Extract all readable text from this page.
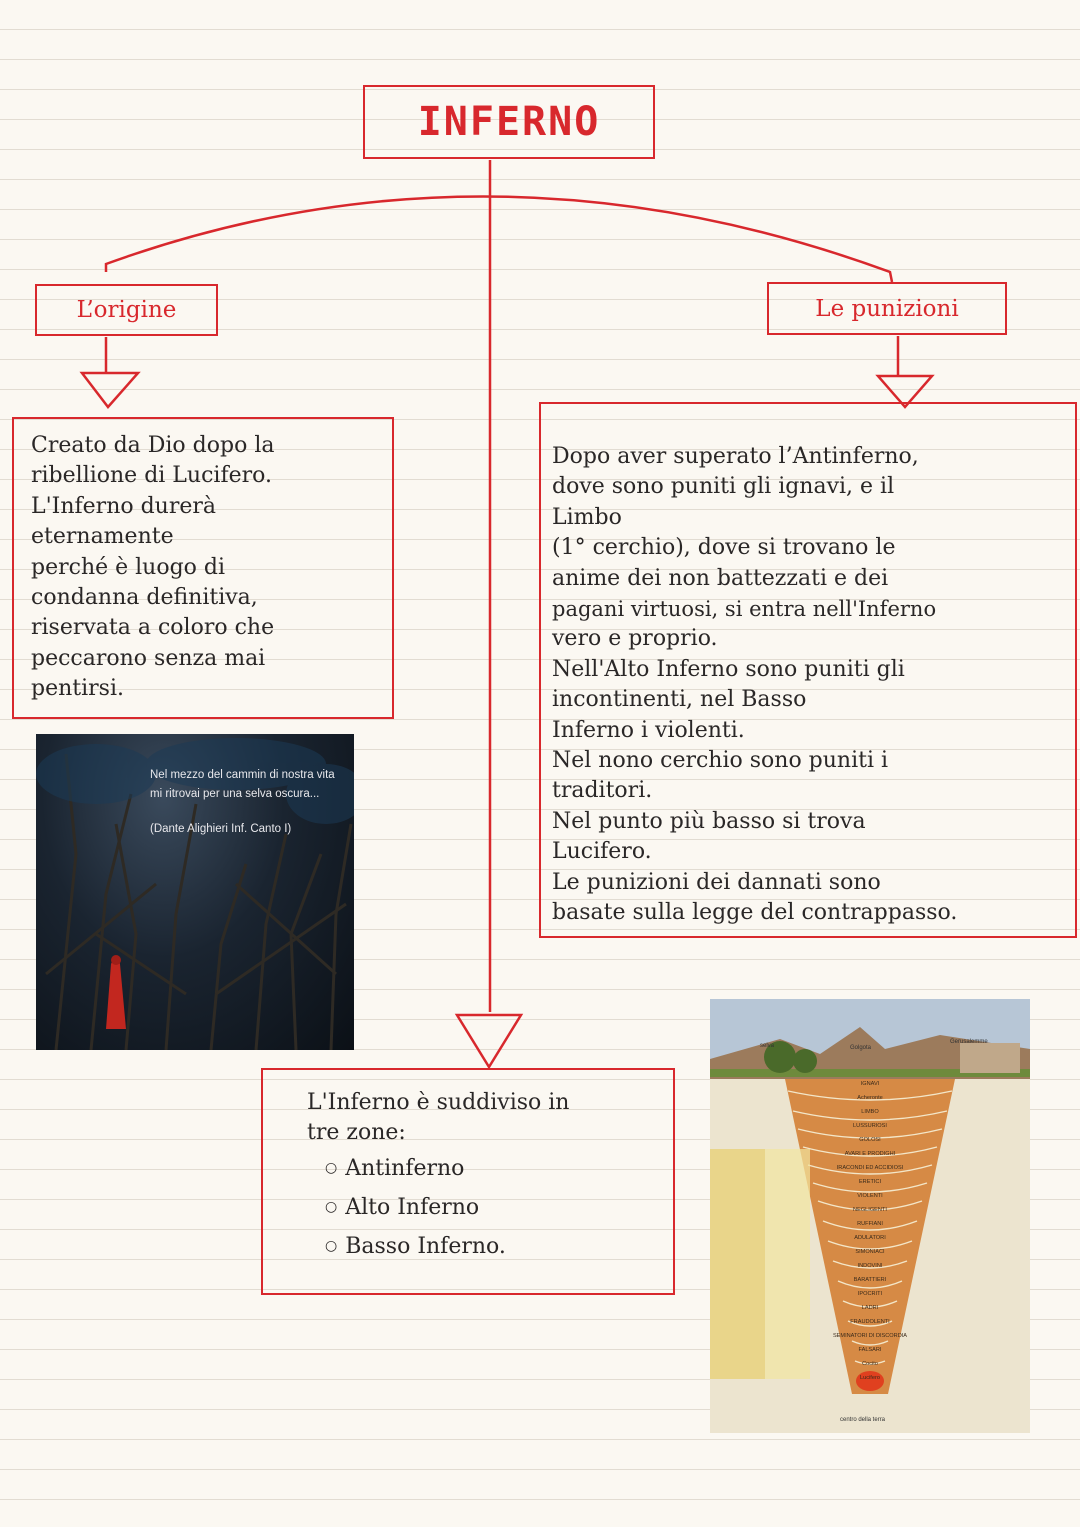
INFERNO
L’origine	Le punizioni
Creato da Dio dopo la
ribellione di Lucifero.
L'Inferno durerà
eternamente
perché è luogo di
condanna definitiva,
riservata a coloro che
peccarono senza mai
pentirsi.
Dopo aver superato l’Antinferno,
dove sono puniti gli ignavi, e il
Limbo
(1° cerchio), dove si trovano le
anime dei non battezzati e dei
pagani virtuosi, si entra nell'Inferno
vero e proprio.
Nell'Alto Inferno sono puniti gli
incontinenti, nel Basso
Inferno i violenti.
Nel nono cerchio sono puniti i
traditori.
Nel punto più basso si trova
Lucifero.
Le punizioni dei dannati sono
basate sulla legge del contrappasso.
L'Inferno è suddiviso in
tre zone:
○ Antinferno
○ Alto Inferno
○ Basso Inferno.
Nel mezzo del cammin di nostra vita
mi ritrovai per una selva oscura...
(Dante Alighieri Inf. Canto I)
selva
Gerusalemme
Golgota
IGNAVI
Acheronte
LIMBO
LUSSURIOSI
GOLOSI
AVARI E PRODIGHI
IRACONDI ED ACCIDIOSI
ERETICI
VIOLENTI
NEGLIGENTI
RUFFIANI
ADULATORI
SIMONIACI
INDOVINI
BARATTIERI
IPOCRITI
LADRI
FRAUDOLENTI
SEMINATORI DI DISCORDIA
FALSARI
Cocito
Lucifero
centro della terra
